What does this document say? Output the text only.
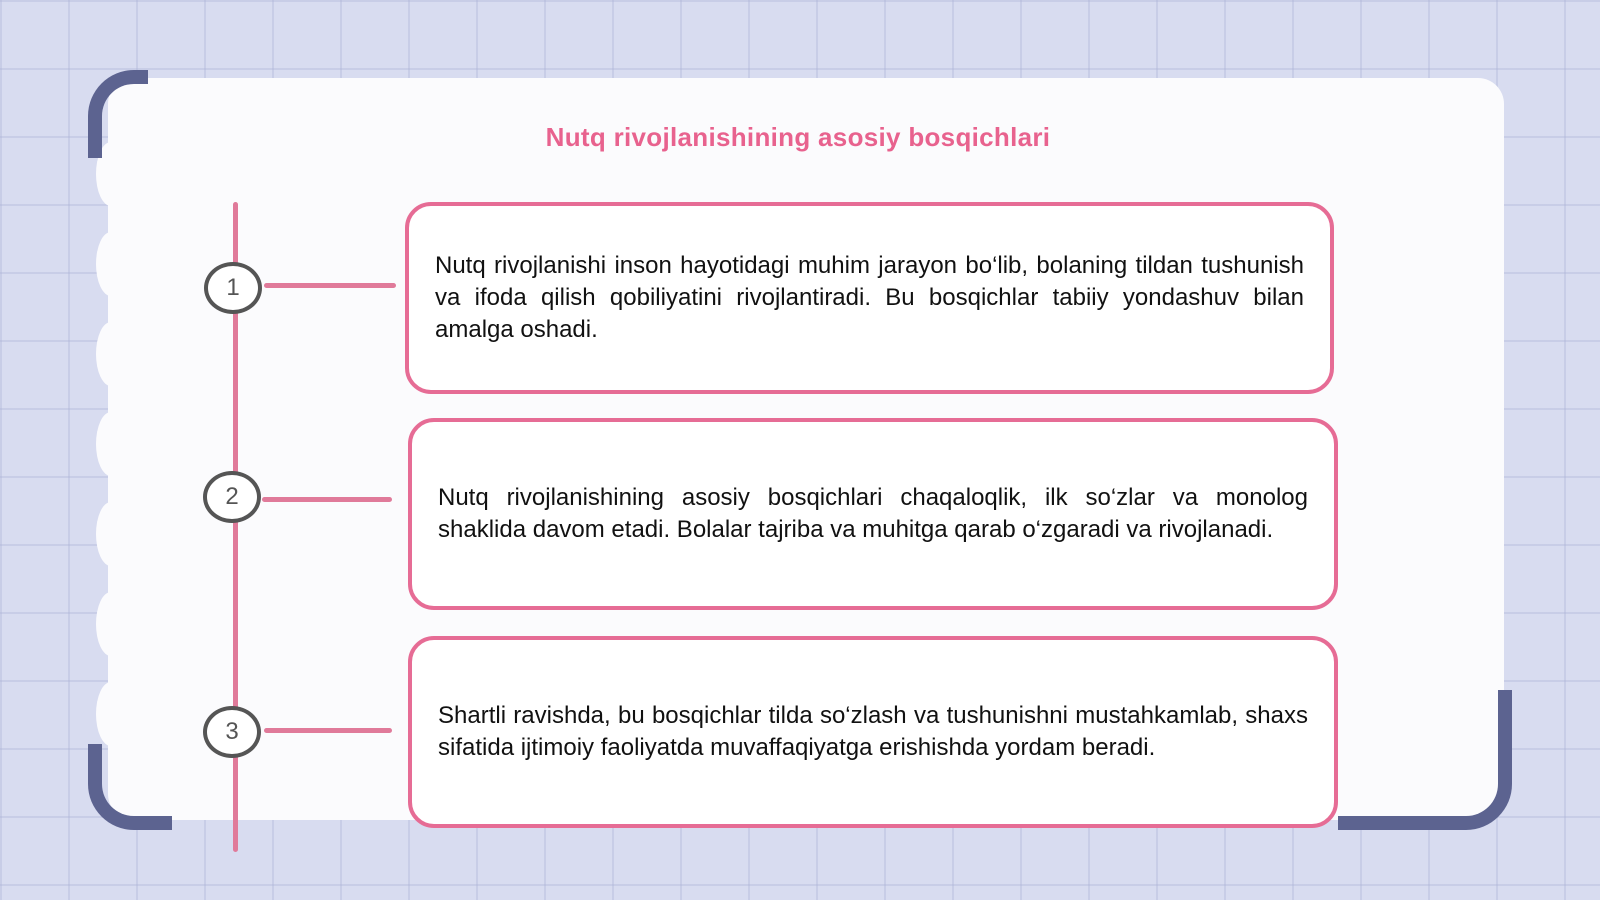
Nutq rivojlanishining asosiy bosqichlari
1
2
3
Nutq rivojlanishi inson hayotidagi muhim jarayon bo‘lib, bolaning tildan tushunish va ifoda qilish qobiliyatini rivojlantiradi. Bu bosqichlar tabiiy yondashuv bilan amalga oshadi.
Nutq rivojlanishining asosiy bosqichlari chaqaloqlik, ilk so‘zlar va monolog shaklida davom etadi. Bolalar tajriba va muhitga qarab o‘zgaradi va rivojlanadi.
Shartli ravishda, bu bosqichlar tilda so‘zlash va tushunishni mustahkamlab, shaxs sifatida ijtimoiy faoliyatda muvaffaqiyatga erishishda yordam beradi.
